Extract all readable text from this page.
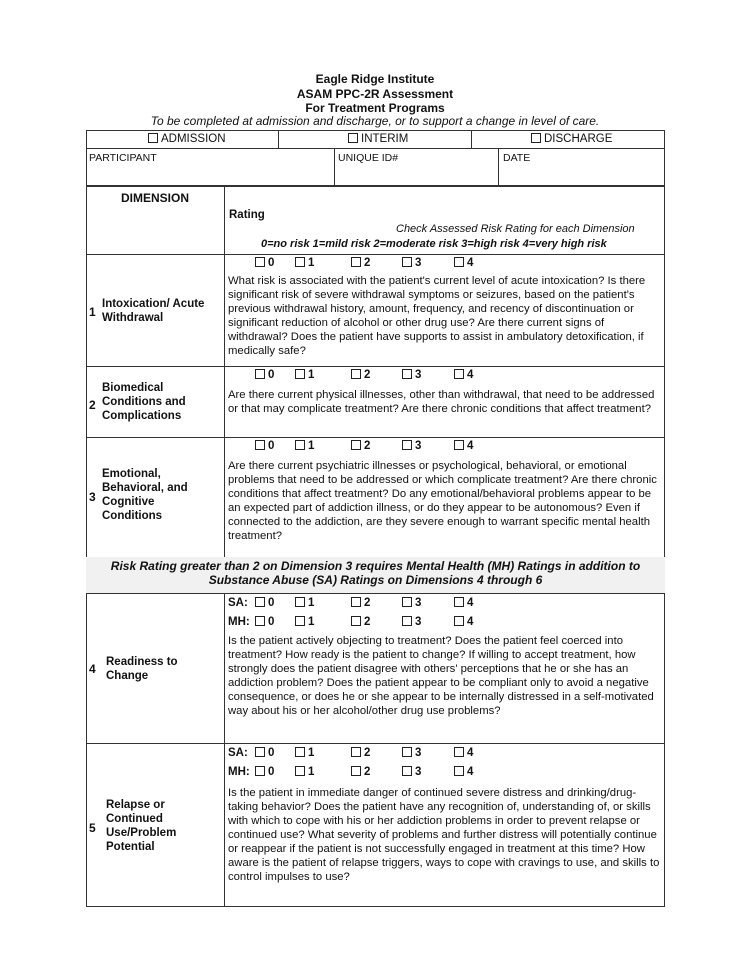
Eagle Ridge Institute
ASAM PPC-2R Assessment
For Treatment Programs
To be completed at admission and discharge, or to support a change in level of care.
ADMISSION	INTERIM	DISCHARGE
PARTICIPANT	UNIQUE ID#	DATE
DIMENSION
Rating
Check Assessed Risk Rating for each Dimension
0=no risk 1=mild risk 2=moderate risk 3=high risk 4=very high risk
1
Intoxication/ Acute Withdrawal
0	1	2	3	4
What risk is associated with the patient's current level of acute intoxication? Is there significant risk of severe withdrawal symptoms or seizures, based on the patient's previous withdrawal history, amount, frequency, and recency of discontinuation or significant reduction of alcohol or other drug use? Are there current signs of withdrawal? Does the patient have supports to assist in ambulatory detoxification, if medically safe?
2
Biomedical Conditions and Complications
0	1	2	3	4
Are there current physical illnesses, other than withdrawal, that need to be addressed or that may complicate treatment? Are there chronic conditions that affect treatment?
3
Emotional, Behavioral, and Cognitive Conditions
0	1	2	3	4
Are there current psychiatric illnesses or psychological, behavioral, or emotional problems that need to be addressed or which complicate treatment? Are there chronic conditions that affect treatment? Do any emotional/behavioral problems appear to be an expected part of addiction illness, or do they appear to be autonomous? Even if connected to the addiction, are they severe enough to warrant specific mental health treatment?
Risk Rating greater than 2 on Dimension 3 requires Mental Health (MH) Ratings in addition to Substance Abuse (SA) Ratings on Dimensions 4 through 6
4 Readiness to Change
SA: 0	1	2	3	4
MH: 0	1	2	3	4
Is the patient actively objecting to treatment? Does the patient feel coerced into treatment? How ready is the patient to change? If willing to accept treatment, how strongly does the patient disagree with others' perceptions that he or she has an addiction problem? Does the patient appear to be compliant only to avoid a negative consequence, or does he or she appear to be internally distressed in a self-motivated way about his or her alcohol/other drug use problems?
5
Relapse or Continued Use/Problem Potential
SA: 0	1	2	3	4
MH: 0	1	2	3	4
Is the patient in immediate danger of continued severe distress and drinking/drug-taking behavior? Does the patient have any recognition of, understanding of, or skills with which to cope with his or her addiction problems in order to prevent relapse or continued use? What severity of problems and further distress will potentially continue or reappear if the patient is not successfully engaged in treatment at this time? How aware is the patient of relapse triggers, ways to cope with cravings to use, and skills to control impulses to use?
